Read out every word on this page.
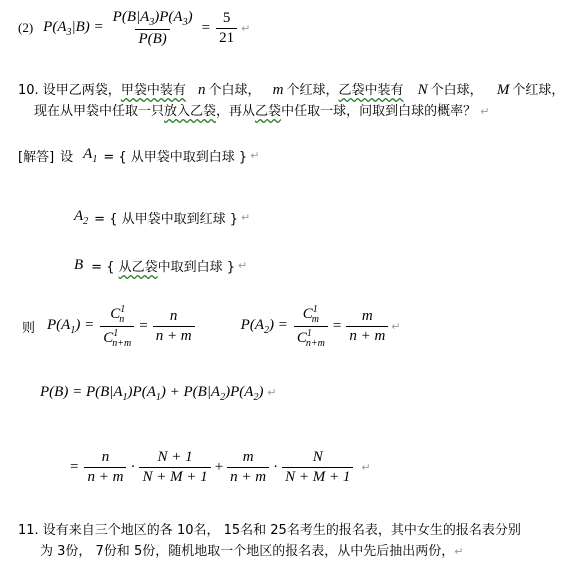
(2) $P(A_3|B) = \frac{P(B|A_3)P(A_3)}{P(B)} = \frac{5}{21}$ ↵
10. 设甲乙两袋，甲袋中装有 n 个白球， m 个红球，乙袋中装有 N 个白球， M 个红球，
现在从甲袋中任取一只放入乙袋，再从乙袋中任取一球，问取到白球的概率？ ↵
[解答] 设 $A_1$ = { 从甲袋中取到白球 } ↵
$A_2$ = { 从甲袋中取到红球 } ↵
B = { 从乙袋中取到白球 } ↵
则 $P(A_1) = \frac{C^1_n}{C^1_{n+m}} = \frac{n}{n + m}$	$P(A_2) = \frac{C^1_m}{C^1_{n+m}} = \frac{m}{n + m}$ ↵
$P(B) = P(B|A_1)P(A_1) + P(B|A_2)P(A_2)$ ↵
= $\frac{n}{n + m} \cdot \frac{N + 1}{N + M + 1} + \frac{m}{n + m} \cdot \frac{N}{N + M + 1}$ ↵
11. 设有来自三个地区的各 10名， 15名和 25名考生的报名表，其中女生的报名表分别
为 3份， 7份和 5份，随机地取一个地区的报名表，从中先后抽出两份，↵
